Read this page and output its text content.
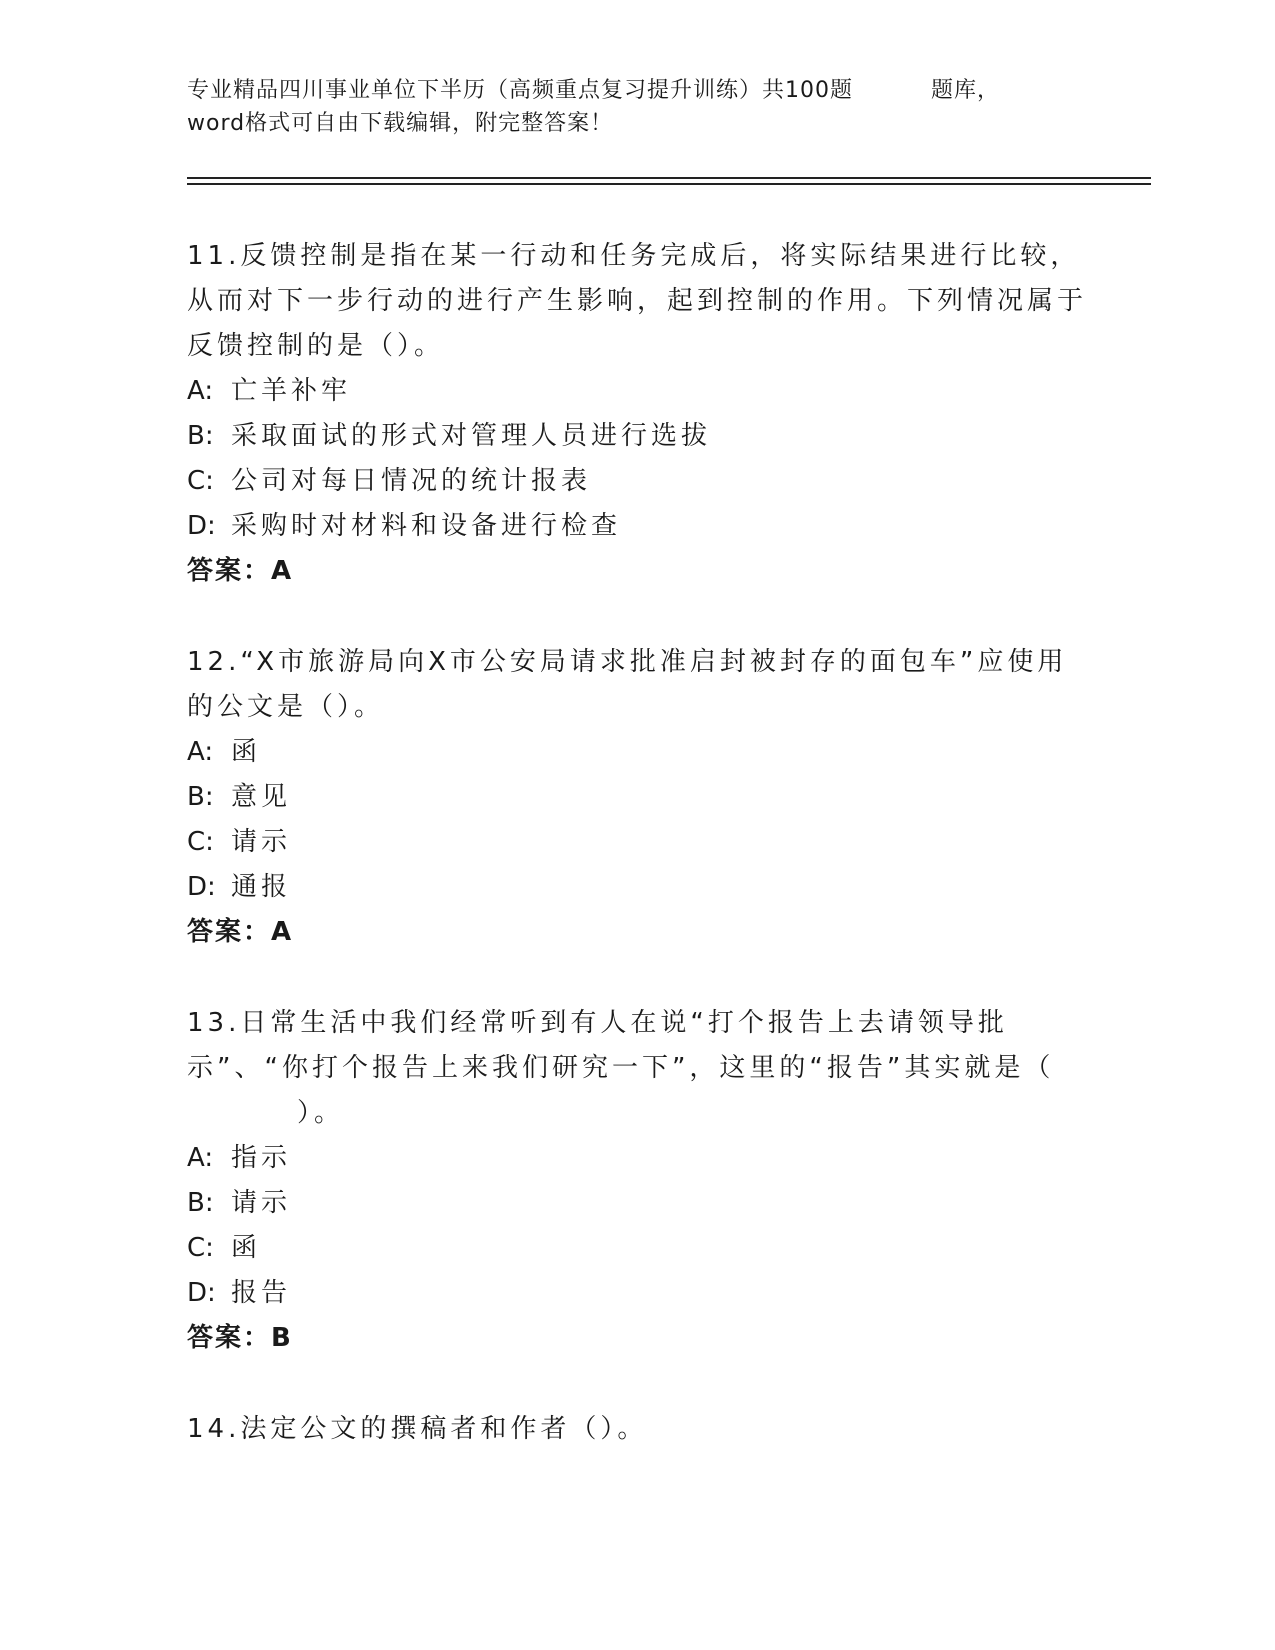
专业精品四川事业单位下半历（高频重点复习提升训练）共100题	题库，
word格式可自由下载编辑，附完整答案！

11.反馈控制是指在某一行动和任务完成后，将实际结果进行比较，从而对下一步行动的进行产生影响，起到控制的作用。下列情况属于反馈控制的是（）。

A: 亡羊补牢
B: 采取面试的形式对管理人员进行选拔
C: 公司对每日情况的统计报表
D: 采购时对材料和设备进行检查
答案：A

12.“X市旅游局向X市公安局请求批准启封被封存的面包车”应使用的公文是（）。

A: 函
B: 意见
C: 请示
D: 通报
答案：A

13.日常生活中我们经常听到有人在说“打个报告上去请领导批示”、“你打个报告上来我们研究一下”，这里的“报告”其实就是（
）。

A: 指示
B: 请示
C: 函
D: 报告
答案：B

14.法定公文的撰稿者和作者（）。
